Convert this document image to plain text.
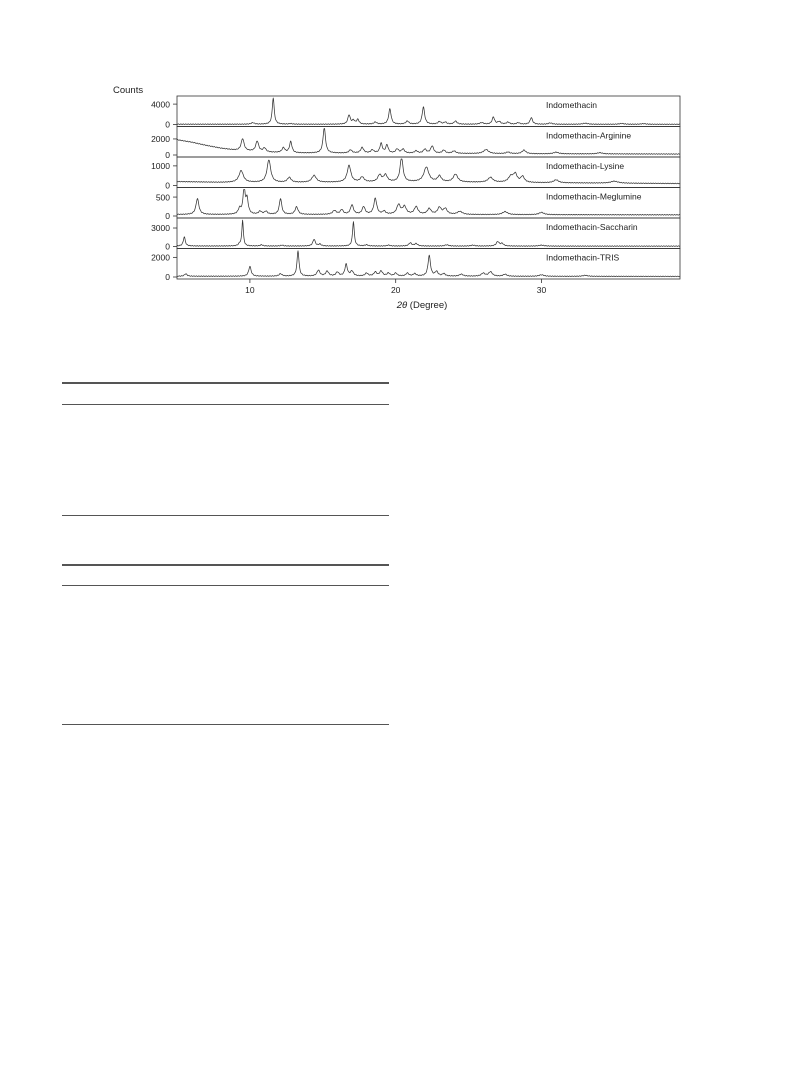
Counts
0
4000	Indomethacin
0
2000	Indomethacin-Arginine
0
1000	Indomethacin-Lysine
0
500	Indomethacin-Meglumine
0
3000	Indomethacin-Saccharin
0
2000	Indomethacin-TRIS
10	20	30
2θ (Degree)
